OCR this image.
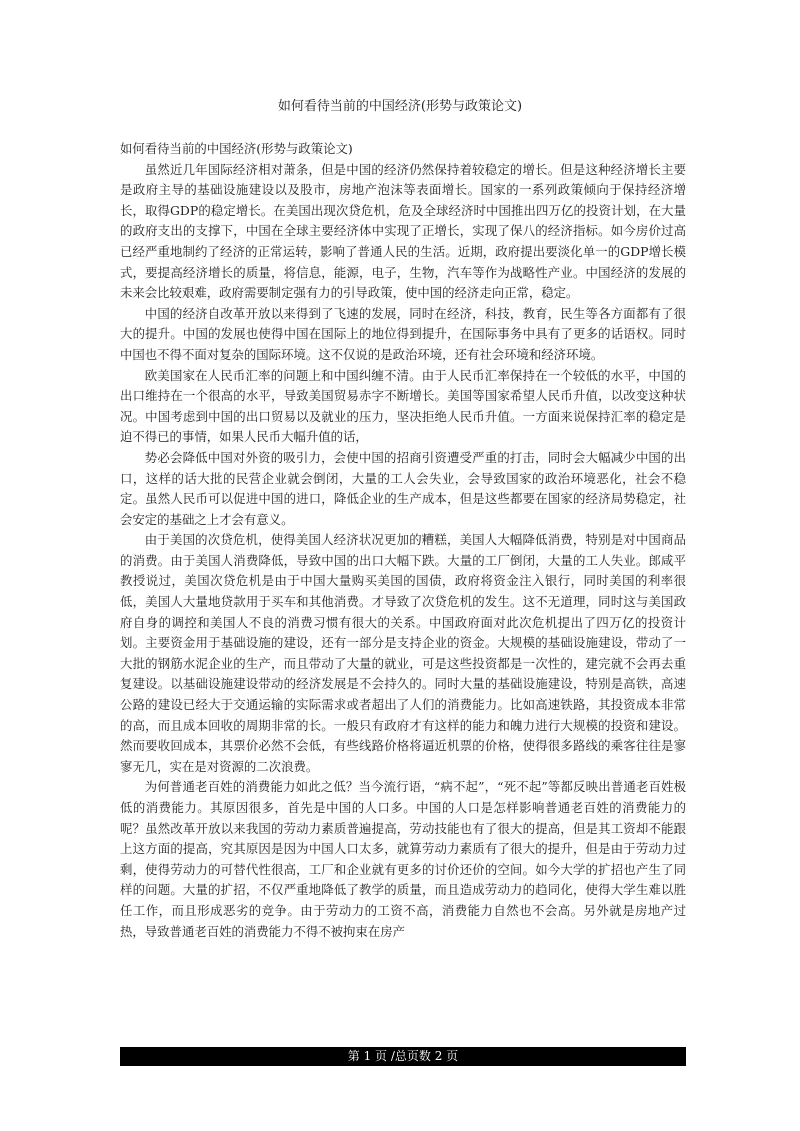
如何看待当前的中国经济(形势与政策论文)

如何看待当前的中国经济(形势与政策论文)

虽然近几年国际经济相对萧条，但是中国的经济仍然保持着较稳定的增长。但是这种经济增长主要是政府主导的基础设施建设以及股市，房地产泡沫等表面增长。国家的一系列政策倾向于保持经济增长，取得GDP的稳定增长。在美国出现次贷危机，危及全球经济时中国推出四万亿的投资计划，在大量的政府支出的支撑下，中国在全球主要经济体中实现了正增长，实现了保八的经济指标。如今房价过高已经严重地制约了经济的正常运转，影响了普通人民的生活。近期，政府提出要淡化单一的GDP增长模式，要提高经济增长的质量，将信息，能源，电子，生物，汽车等作为战略性产业。中国经济的发展的未来会比较艰难，政府需要制定强有力的引导政策，使中国的经济走向正常，稳定。

中国的经济自改革开放以来得到了飞速的发展，同时在经济，科技，教育，民生等各方面都有了很大的提升。中国的发展也使得中国在国际上的地位得到提升，在国际事务中具有了更多的话语权。同时中国也不得不面对复杂的国际环境。这不仅说的是政治环境，还有社会环境和经济环境。

欧美国家在人民币汇率的问题上和中国纠缠不清。由于人民币汇率保持在一个较低的水平，中国的出口维持在一个很高的水平，导致美国贸易赤字不断增长。美国等国家希望人民币升值，以改变这种状况。中国考虑到中国的出口贸易以及就业的压力，坚决拒绝人民币升值。一方面来说保持汇率的稳定是迫不得已的事情，如果人民币大幅升值的话，

势必会降低中国对外资的吸引力，会使中国的招商引资遭受严重的打击，同时会大幅减少中国的出口，这样的话大批的民营企业就会倒闭，大量的工人会失业，会导致国家的政治环境恶化，社会不稳定。虽然人民币可以促进中国的进口，降低企业的生产成本，但是这些都要在国家的经济局势稳定，社会安定的基础之上才会有意义。

由于美国的次贷危机，使得美国人经济状况更加的糟糕，美国人大幅降低消费，特别是对中国商品的消费。由于美国人消费降低，导致中国的出口大幅下跌。大量的工厂倒闭，大量的工人失业。郎咸平教授说过，美国次贷危机是由于中国大量购买美国的国债，政府将资金注入银行，同时美国的利率很低，美国人大量地贷款用于买车和其他消费。才导致了次贷危机的发生。这不无道理，同时这与美国政府自身的调控和美国人不良的消费习惯有很大的关系。中国政府面对此次危机提出了四万亿的投资计划。主要资金用于基础设施的建设，还有一部分是支持企业的资金。大规模的基础设施建设，带动了一大批的钢筋水泥企业的生产，而且带动了大量的就业，可是这些投资都是一次性的，建完就不会再去重复建设。以基础设施建设带动的经济发展是不会持久的。同时大量的基础设施建设，特别是高铁，高速公路的建设已经大于交通运输的实际需求或者超出了人们的消费能力。比如高速铁路，其投资成本非常的高，而且成本回收的周期非常的长。一般只有政府才有这样的能力和魄力进行大规模的投资和建设。然而要收回成本，其票价必然不会低，有些线路价格将逼近机票的价格，使得很多路线的乘客往往是寥寥无几，实在是对资源的二次浪费。

为何普通老百姓的消费能力如此之低？当今流行语，“病不起”，“死不起”等都反映出普通老百姓极低的消费能力。其原因很多，首先是中国的人口多。中国的人口是怎样影响普通老百姓的消费能力的呢？虽然改革开放以来我国的劳动力素质普遍提高，劳动技能也有了很大的提高，但是其工资却不能跟上这方面的提高，究其原因是因为中国人口太多，就算劳动力素质有了很大的提升，但是由于劳动力过剩，使得劳动力的可替代性很高，工厂和企业就有更多的讨价还价的空间。如今大学的扩招也产生了同样的问题。大量的扩招，不仅严重地降低了教学的质量，而且造成劳动力的趋同化，使得大学生难以胜任工作，而且形成恶劣的竞争。由于劳动力的工资不高，消费能力自然也不会高。另外就是房地产过热，导致普通老百姓的消费能力不得不被拘束在房产

第 1 页 /总页数 2 页
